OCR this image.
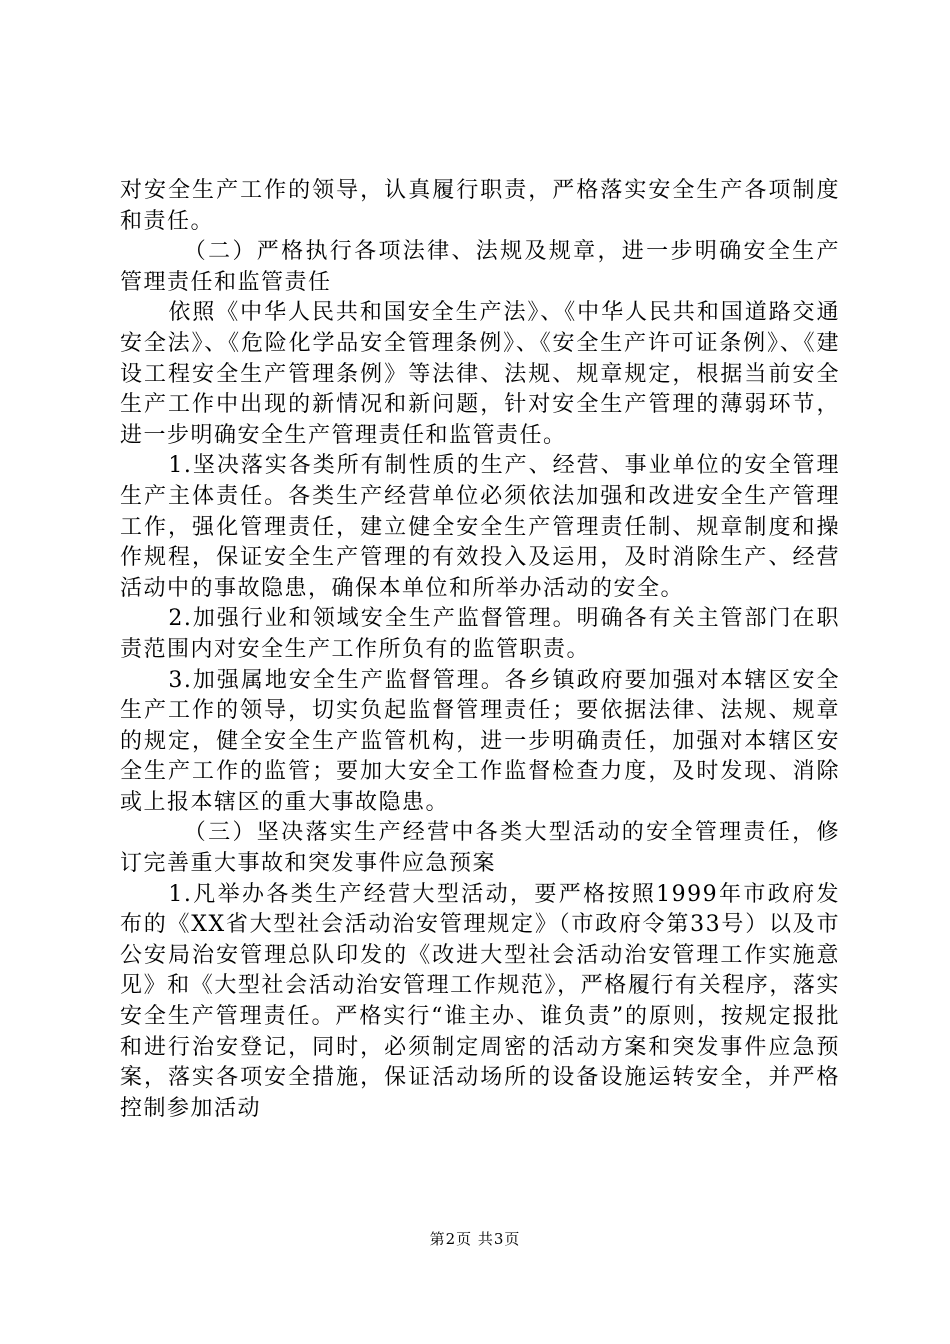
对安全生产工作的领导，认真履行职责，严格落实安全生产各项制度和责任。

（二）严格执行各项法律、法规及规章，进一步明确安全生产管理责任和监管责任

依照《中华人民共和国安全生产法》、《中华人民共和国道路交通安全法》、《危险化学品安全管理条例》、《安全生产许可证条例》、《建设工程安全生产管理条例》等法律、法规、规章规定，根据当前安全生产工作中出现的新情况和新问题，针对安全生产管理的薄弱环节，进一步明确安全生产管理责任和监管责任。

1.坚决落实各类所有制性质的生产、经营、事业单位的安全管理生产主体责任。各类生产经营单位必须依法加强和改进安全生产管理工作，强化管理责任，建立健全安全生产管理责任制、规章制度和操作规程，保证安全生产管理的有效投入及运用，及时消除生产、经营活动中的事故隐患，确保本单位和所举办活动的安全。

2.加强行业和领域安全生产监督管理。明确各有关主管部门在职责范围内对安全生产工作所负有的监管职责。

3.加强属地安全生产监督管理。各乡镇政府要加强对本辖区安全生产工作的领导，切实负起监督管理责任；要依据法律、法规、规章的规定，健全安全生产监管机构，进一步明确责任，加强对本辖区安全生产工作的监管；要加大安全工作监督检查力度，及时发现、消除或上报本辖区的重大事故隐患。

（三）坚决落实生产经营中各类大型活动的安全管理责任，修订完善重大事故和突发事件应急预案

1.凡举办各类生产经营大型活动，要严格按照1999年市政府发布的《XX省大型社会活动治安管理规定》（市政府令第33号）以及市公安局治安管理总队印发的《改进大型社会活动治安管理工作实施意见》和《大型社会活动治安管理工作规范》，严格履行有关程序，落实安全生产管理责任。严格实行“谁主办、谁负责”的原则，按规定报批和进行治安登记，同时，必须制定周密的活动方案和突发事件应急预案，落实各项安全措施，保证活动场所的设备设施运转安全，并严格控制参加活动

第2页 共3页
